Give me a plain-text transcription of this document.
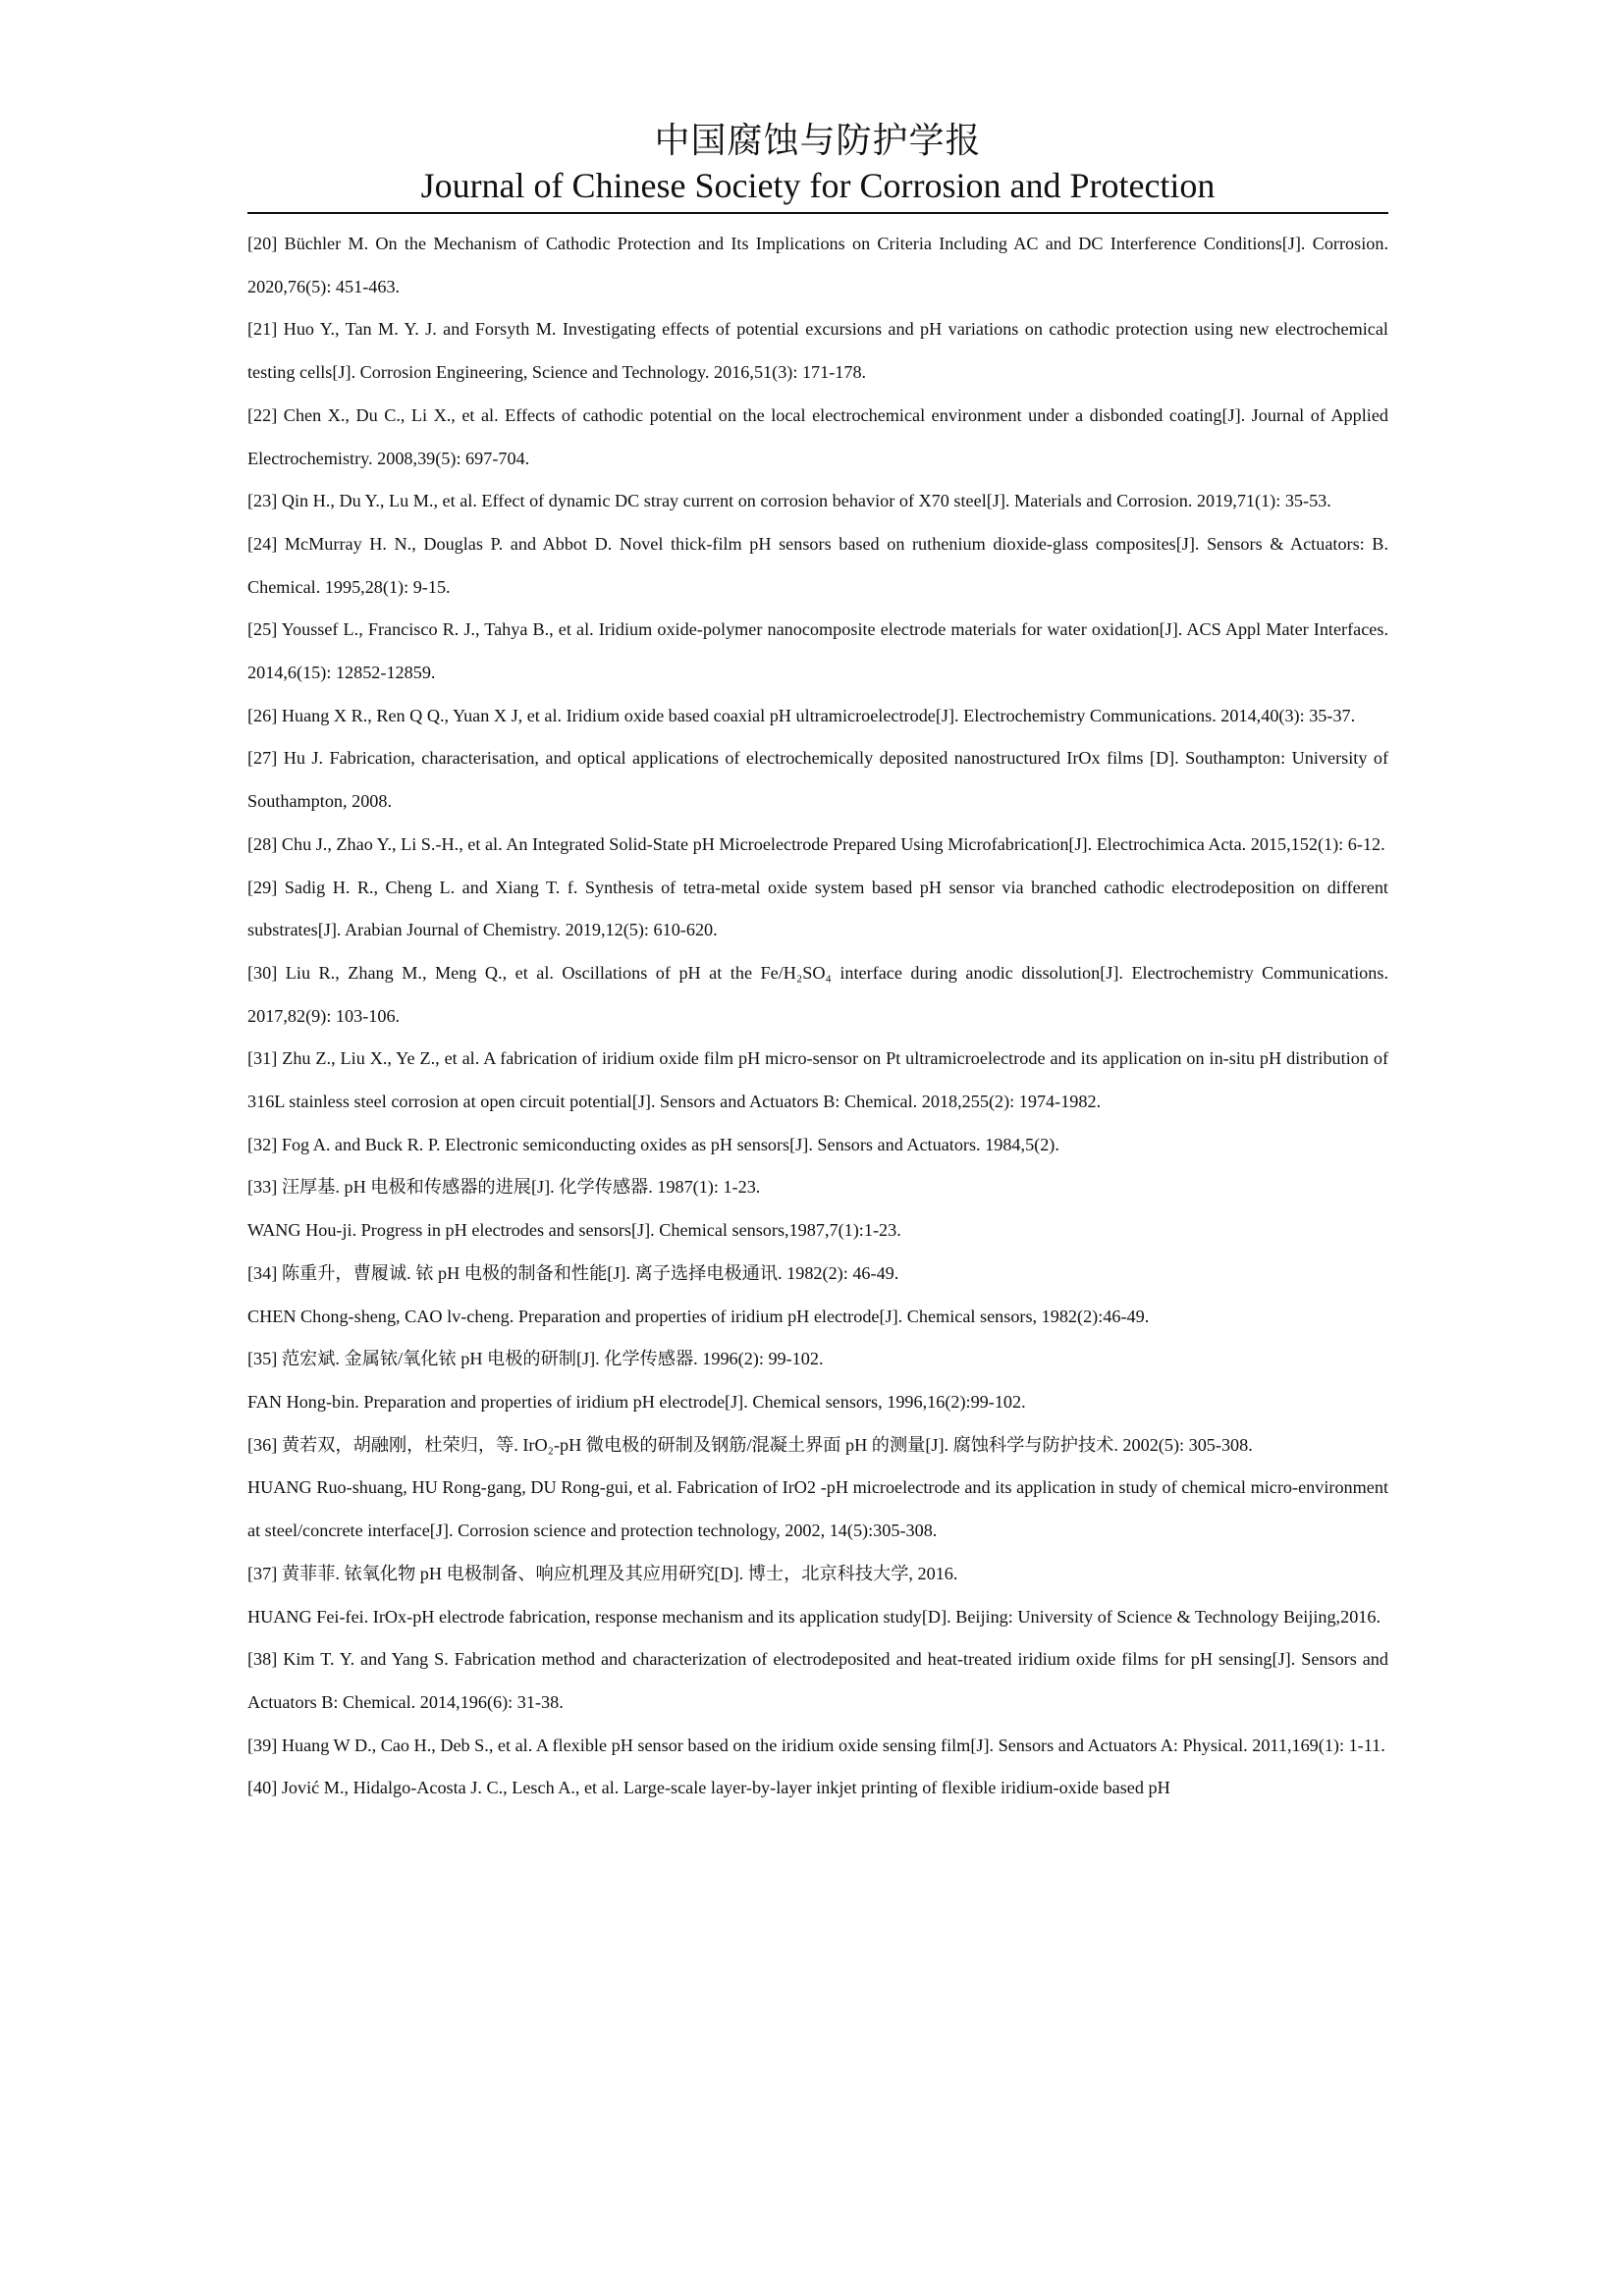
中国腐蚀与防护学报
Journal of Chinese Society for Corrosion and Protection

[20] Büchler M. On the Mechanism of Cathodic Protection and Its Implications on Criteria Including AC and DC Interference Conditions[J]. Corrosion. 2020,76(5): 451-463.

[21] Huo Y., Tan M. Y. J. and Forsyth M. Investigating effects of potential excursions and pH variations on cathodic protection using new electrochemical testing cells[J]. Corrosion Engineering, Science and Technology. 2016,51(3): 171-178.

[22] Chen X., Du C., Li X., et al. Effects of cathodic potential on the local electrochemical environment under a disbonded coating[J]. Journal of Applied Electrochemistry. 2008,39(5): 697-704.

[23] Qin H., Du Y., Lu M., et al. Effect of dynamic DC stray current on corrosion behavior of X70 steel[J]. Materials and Corrosion. 2019,71(1): 35-53.

[24] McMurray H. N., Douglas P. and Abbot D. Novel thick-film pH sensors based on ruthenium dioxide-glass composites[J]. Sensors & Actuators: B. Chemical. 1995,28(1): 9-15.

[25] Youssef L., Francisco R. J., Tahya B., et al. Iridium oxide-polymer nanocomposite electrode materials for water oxidation[J]. ACS Appl Mater Interfaces. 2014,6(15): 12852-12859.

[26] Huang X R., Ren Q Q., Yuan X J, et al. Iridium oxide based coaxial pH ultramicroelectrode[J]. Electrochemistry Communications. 2014,40(3): 35-37.

[27] Hu J. Fabrication, characterisation, and optical applications of electrochemically deposited nanostructured IrOx films [D]. Southampton: University of Southampton, 2008.

[28] Chu J., Zhao Y., Li S.-H., et al. An Integrated Solid-State pH Microelectrode Prepared Using Microfabrication[J]. Electrochimica Acta. 2015,152(1): 6-12.

[29] Sadig H. R., Cheng L. and Xiang T. f. Synthesis of tetra-metal oxide system based pH sensor via branched cathodic electrodeposition on different substrates[J]. Arabian Journal of Chemistry. 2019,12(5): 610-620.

[30] Liu R., Zhang M., Meng Q., et al. Oscillations of pH at the Fe/H₂SO₄ interface during anodic dissolution[J]. Electrochemistry Communications. 2017,82(9): 103-106.

[31] Zhu Z., Liu X., Ye Z., et al. A fabrication of iridium oxide film pH micro-sensor on Pt ultramicroelectrode and its application on in-situ pH distribution of 316L stainless steel corrosion at open circuit potential[J]. Sensors and Actuators B: Chemical. 2018,255(2): 1974-1982.

[32] Fog A. and Buck R. P. Electronic semiconducting oxides as pH sensors[J]. Sensors and Actuators. 1984,5(2).

[33] 汪厚基. pH 电极和传感器的进展[J]. 化学传感器. 1987(1): 1-23.

WANG Hou-ji. Progress in pH electrodes and sensors[J]. Chemical sensors,1987,7(1):1-23.

[34] 陈重升，曹履诚. 铱 pH 电极的制备和性能[J]. 离子选择电极通讯. 1982(2): 46-49.

CHEN Chong-sheng, CAO lv-cheng. Preparation and properties of iridium pH electrode[J]. Chemical sensors, 1982(2):46-49.

[35] 范宏斌. 金属铱/氧化铱 pH 电极的研制[J]. 化学传感器. 1996(2): 99-102.

FAN Hong-bin. Preparation and properties of iridium pH electrode[J]. Chemical sensors, 1996,16(2):99-102.

[36] 黄若双，胡融刚，杜荣归，等. IrO₂-pH 微电极的研制及钢筋/混凝土界面 pH 的测量[J]. 腐蚀科学与防护技术. 2002(5): 305-308.

HUANG Ruo-shuang, HU Rong-gang, DU Rong-gui, et al. Fabrication of IrO2 -pH microelectrode and its application in study of chemical micro-environment at steel/concrete interface[J]. Corrosion science and protection technology, 2002, 14(5):305-308.

[37] 黄菲菲. 铱氧化物 pH 电极制备、响应机理及其应用研究[D]. 博士，北京科技大学, 2016.

HUANG Fei-fei. IrOx-pH electrode fabrication, response mechanism and its application study[D]. Beijing: University of Science & Technology Beijing,2016.

[38] Kim T. Y. and Yang S. Fabrication method and characterization of electrodeposited and heat-treated iridium oxide films for pH sensing[J]. Sensors and Actuators B: Chemical. 2014,196(6): 31-38.

[39] Huang W D., Cao H., Deb S., et al. A flexible pH sensor based on the iridium oxide sensing film[J]. Sensors and Actuators A: Physical. 2011,169(1): 1-11.

[40] Jović M., Hidalgo-Acosta J. C., Lesch A., et al. Large-scale layer-by-layer inkjet printing of flexible iridium-oxide based pH
